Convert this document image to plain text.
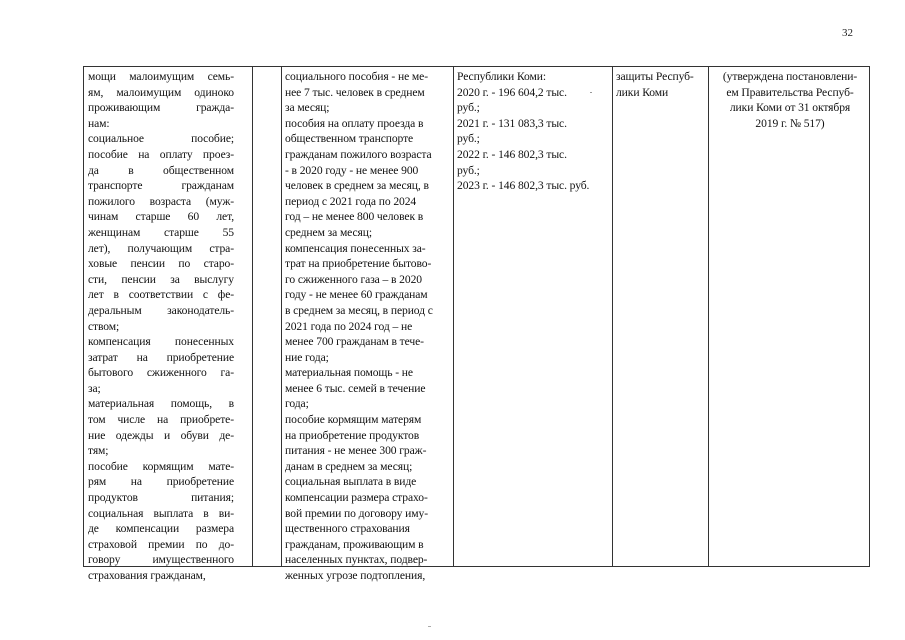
32
мощи малоимущим семь-
ям, малоимущим одиноко
проживающим        гражда-
нам:
социальное пособие;
пособие на оплату проез-
да    в    общественном
транспорте      гражданам
пожилого возраста (муж-
чинам старше 60 лет,
женщинам старше 55
лет), получающим стра-
ховые пенсии по старо-
сти, пенсии за выслугу
лет в соответствии с фе-
деральным законодатель-
ством;
компенсация понесенных
затрат на приобретение
бытового сжиженного га-
за;
материальная помощь, в
том числе на приобрете-
ние одежды и обуви де-
тям;
пособие кормящим мате-
рям на приобретение
продуктов питания;
социальная выплата в ви-
де компенсации размера
страховой премии по до-
говору имущественного
страхования гражданам,
социального пособия - не ме-
нее 7 тыс. человек в среднем
за месяц;
пособия на оплату проезда в
общественном транспорте
гражданам пожилого возраста
- в 2020 году - не менее 900
человек в среднем за месяц, в
период с 2021 года по 2024
год – не менее 800 человек в
среднем за месяц;
компенсация понесенных за-
трат на приобретение бытово-
го сжиженного газа – в 2020
году - не менее 60 гражданам
в среднем за месяц, в период с
2021 года по 2024 год – не
менее 700 гражданам в тече-
ние года;
материальная помощь - не
менее 6 тыс. семей в течение
года;
пособие кормящим матерям
на приобретение продуктов
питания - не менее 300 граж-
данам в среднем за месяц;
социальная выплата в виде
компенсации размера страхо-
вой премии по договору иму-
щественного страхования
гражданам, проживающим в
населенных пунктах, подвер-
женных угрозе подтопления,
Республики Коми:
2020 г. - 196 604,2 тыс.
руб.;
2021 г. - 131 083,3 тыс.
руб.;
2022 г. - 146 802,3 тыс.
руб.;
2023 г. - 146 802,3 тыс. руб.
защиты Респуб-
лики Коми
(утверждена постановлени-
ем Правительства Респуб-
лики Коми от 31 октября
2019 г. № 517)
